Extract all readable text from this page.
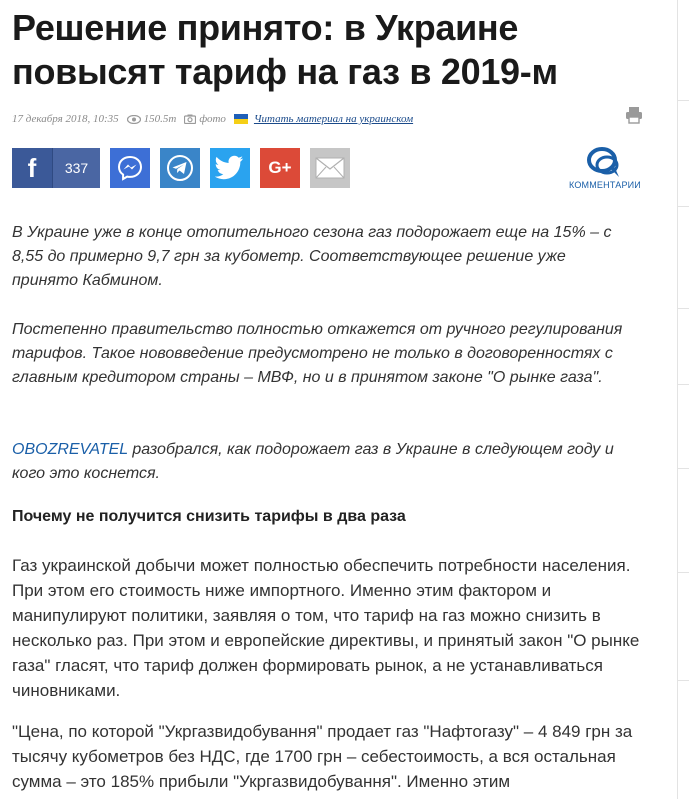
Решение принято: в Украине повысят тариф на газ в 2019-м
17 декабря 2018, 10:35 150.5т фото	Читать материал на украинском
f	337	G+
КОММЕНТАРИИ

В Украине уже в конце отопительного сезона газ подорожает еще на 15% – с 8,55 до примерно 9,7 грн за кубометр. Соответствующее решение уже принято Кабмином.

Постепенно правительство полностью откажется от ручного регулирования тарифов. Такое нововведение предусмотрено не только в договоренностях с главным кредитором страны – МВФ, но и в принятом законе "О рынке газа".

OBOZREVATEL разобрался, как подорожает газ в Украине в следующем году и кого это коснется.

Почему не получится снизить тарифы в два раза

Газ украинской добычи может полностью обеспечить потребности населения. При этом его стоимость ниже импортного. Именно этим фактором и манипулируют политики, заявляя о том, что тариф на газ можно снизить в несколько раз. При этом и европейские директивы, и принятый закон "О рынке газа" гласят, что тариф должен формировать рынок, а не устанавливаться чиновниками.

"Цена, по которой "Укргазвидобування" продает газ "Нафтогазу" – 4 849 грн за тысячу кубометров без НДС, где 1700 грн – себестоимость, а вся остальная сумма – это 185% прибыли "Укргазвидобування". Именно этим
